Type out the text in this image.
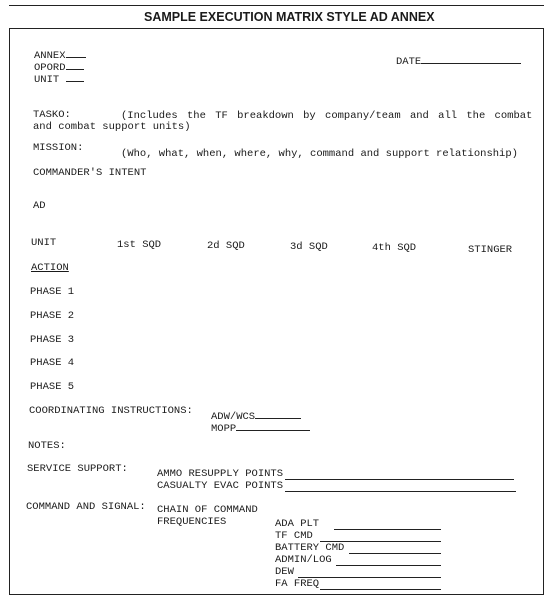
SAMPLE EXECUTION MATRIX STYLE AD ANNEX
ANNEX
OPORD
UNIT
DATE
TASKO:	(Includes the TF breakdown by company/team and all the combat
and combat support units)
MISSION:	(Who, what, when, where, why, command and support relationship)
COMMANDER'S INTENT
AD
UNIT	1st SQD	2d SQD	3d SQD	4th SQD	STINGER
ACTION
PHASE 1
PHASE 2
PHASE 3
PHASE 4
PHASE 5
COORDINATING INSTRUCTIONS: ADW/WCS
MOPP
NOTES:
SERVICE SUPPORT:	AMMO RESUPPLY POINTS
CASUALTY EVAC POINTS
COMMAND AND SIGNAL: CHAIN OF COMMAND
FREQUENCIES	ADA PLT
TF CMD
BATTERY CMD
ADMIN/LOG
DEW
FA FREQ
